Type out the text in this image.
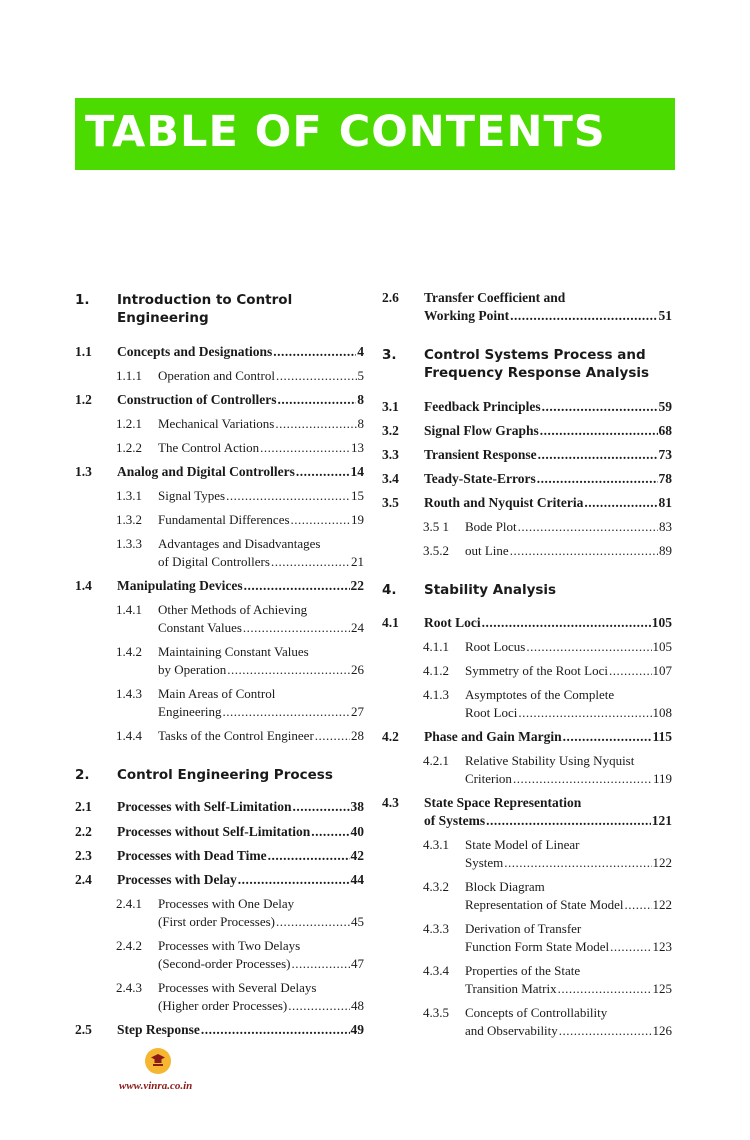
TABLE OF CONTENTS
1. Introduction to Control
Engineering
1.1 Concepts and Designations .....	4
1.1.1 Operation and Control .....	5
1.2 Construction of Controllers .....	8
1.2.1 Mechanical Variations .....	8
1.2.2 The Control Action .....	13
1.3 Analog and Digital Controllers .....	14
1.3.1 Signal Types .....	15
1.3.2 Fundamental Differences .....	19
1.3.3 Advantages and Disadvantages
of Digital Controllers .....	21
1.4 Manipulating Devices .....	22
1.4.1 Other Methods of Achieving
Constant Values .....	24
1.4.2 Maintaining Constant Values
by Operation .....	26
1.4.3 Main Areas of Control
Engineering .....	27
1.4.4 Tasks of the Control Engineer .....	28
2. Control Engineering Process
2.1 Processes with Self-Limitation .....	38
2.2 Processes without Self-Limitation .....	40
2.3 Processes with Dead Time .....	42
2.4 Processes with Delay .....	44
2.4.1 Processes with One Delay
(First order Processes) .....	45
2.4.2 Processes with Two Delays
(Second-order Processes) .....	47
2.4.3 Processes with Several Delays
(Higher order Processes) .....	48
2.5 Step Response .....	49
2.6 Transfer Coefficient and
Working Point .....	51
3. Control Systems Process and
Frequency Response Analysis
3.1 Feedback Principles .....	59
3.2 Signal Flow Graphs .....	68
3.3 Transient Response .....	73
3.4 Teady-State-Errors .....	78
3.5 Routh and Nyquist Criteria .....	81
3.5 1 Bode Plot .....	83
3.5.2 out Line .....	89
4. Stability Analysis
4.1 Root Loci .....	105
4.1.1 Root Locus .....	105
4.1.2 Symmetry of the Root Loci .....	107
4.1.3 Asymptotes of the Complete
Root Loci .....	108
4.2 Phase and Gain Margin .....	115
4.2.1 Relative Stability Using Nyquist
Criterion .....	119
4.3 State Space Representation
of Systems .....	121
4.3.1 State Model of Linear
System .....	122
4.3.2 Block Diagram
Representation of State Model ..... 122
4.3.3 Derivation of Transfer
Function Form State Model .....	123
4.3.4 Properties of the State
Transition Matrix .....	125
4.3.5 Concepts of Controllability
and Observability .....	126
www.vinra.co.in
